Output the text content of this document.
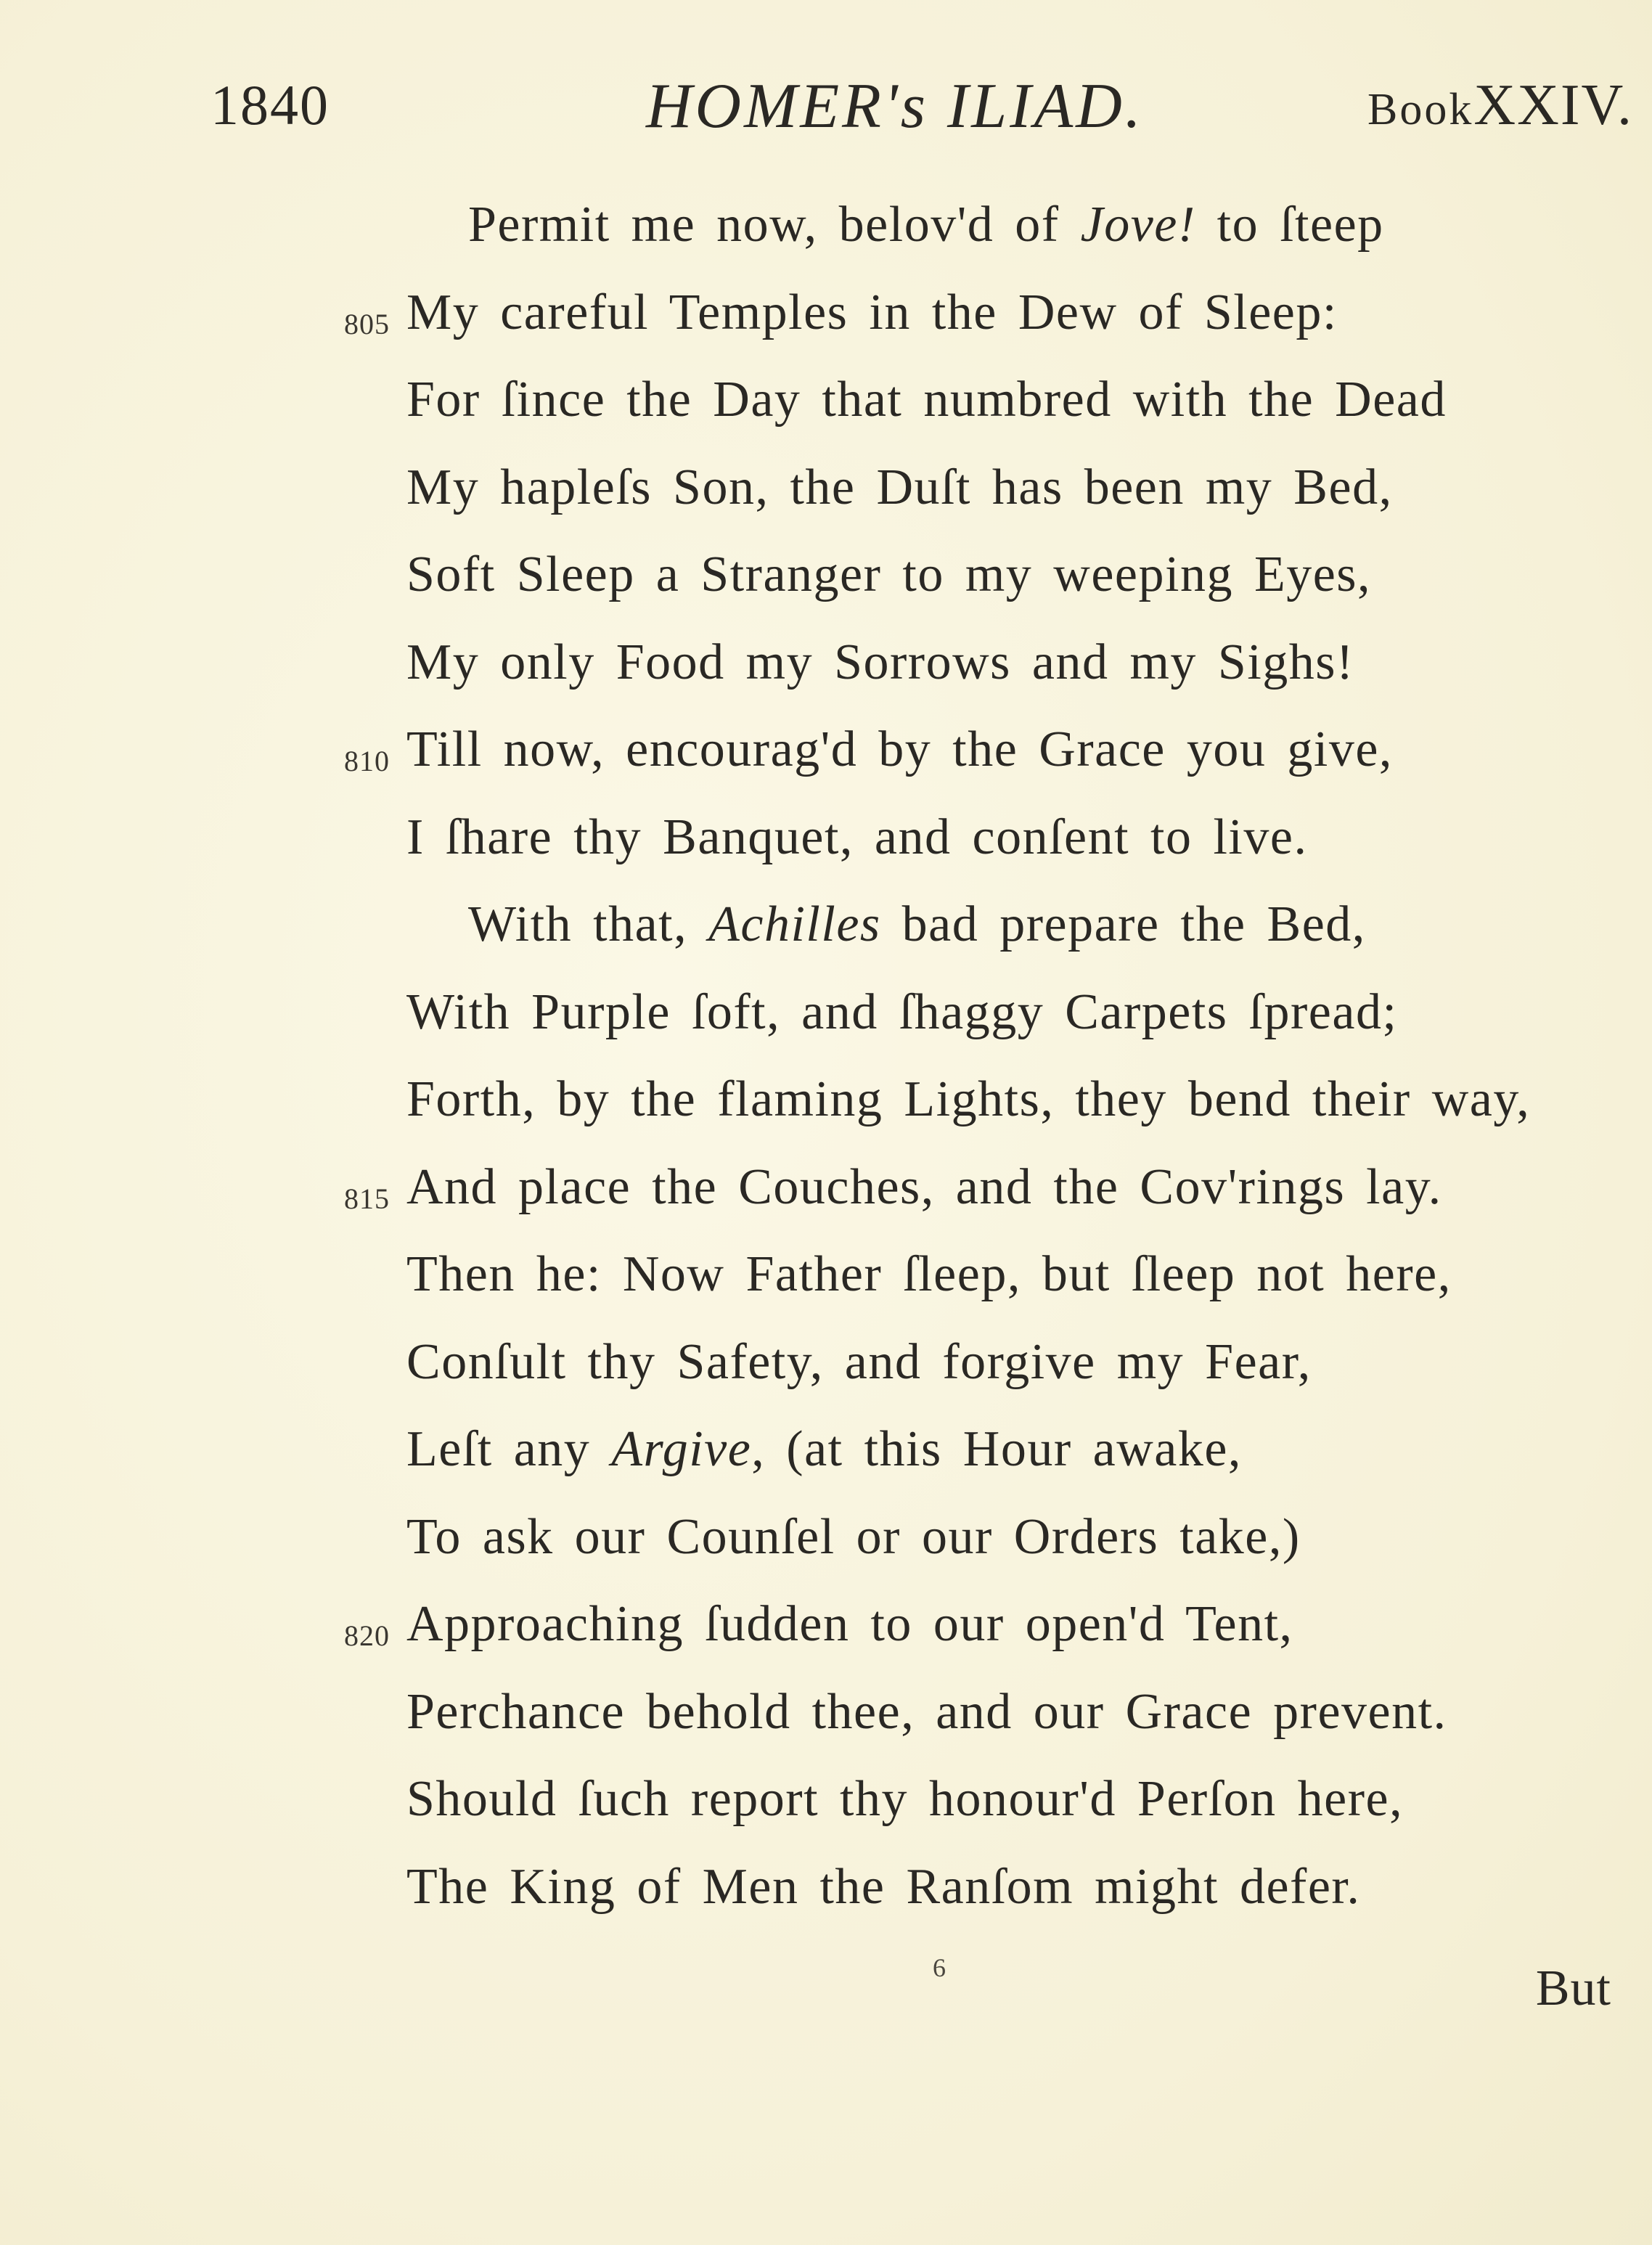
1840	HOMER's ILIAD.	BookXXIV.
Permit me now, belov'd of Jove! to ſteep
805 My careful Temples in the Dew of Sleep:
For ſince the Day that numbred with the Dead
My hapleſs Son, the Duſt has been my Bed,
Soft Sleep a Stranger to my weeping Eyes,
My only Food my Sorrows and my Sighs!
810 Till now, encourag'd by the Grace you give,
I ſhare thy Banquet, and conſent to live.
With that, Achilles bad prepare the Bed,
With Purple ſoft, and ſhaggy Carpets ſpread;
Forth, by the flaming Lights, they bend their way,
815 And place the Couches, and the Cov'rings lay.
Then he: Now Father ſleep, but ſleep not here,
Conſult thy Safety, and forgive my Fear,
Leſt any Argive, (at this Hour awake,
To ask our Counſel or our Orders take,)
820 Approaching ſudden to our open'd Tent,
Perchance behold thee, and our Grace prevent.
Should ſuch report thy honour'd Perſon here,
The King of Men the Ranſom might defer.
6	But
